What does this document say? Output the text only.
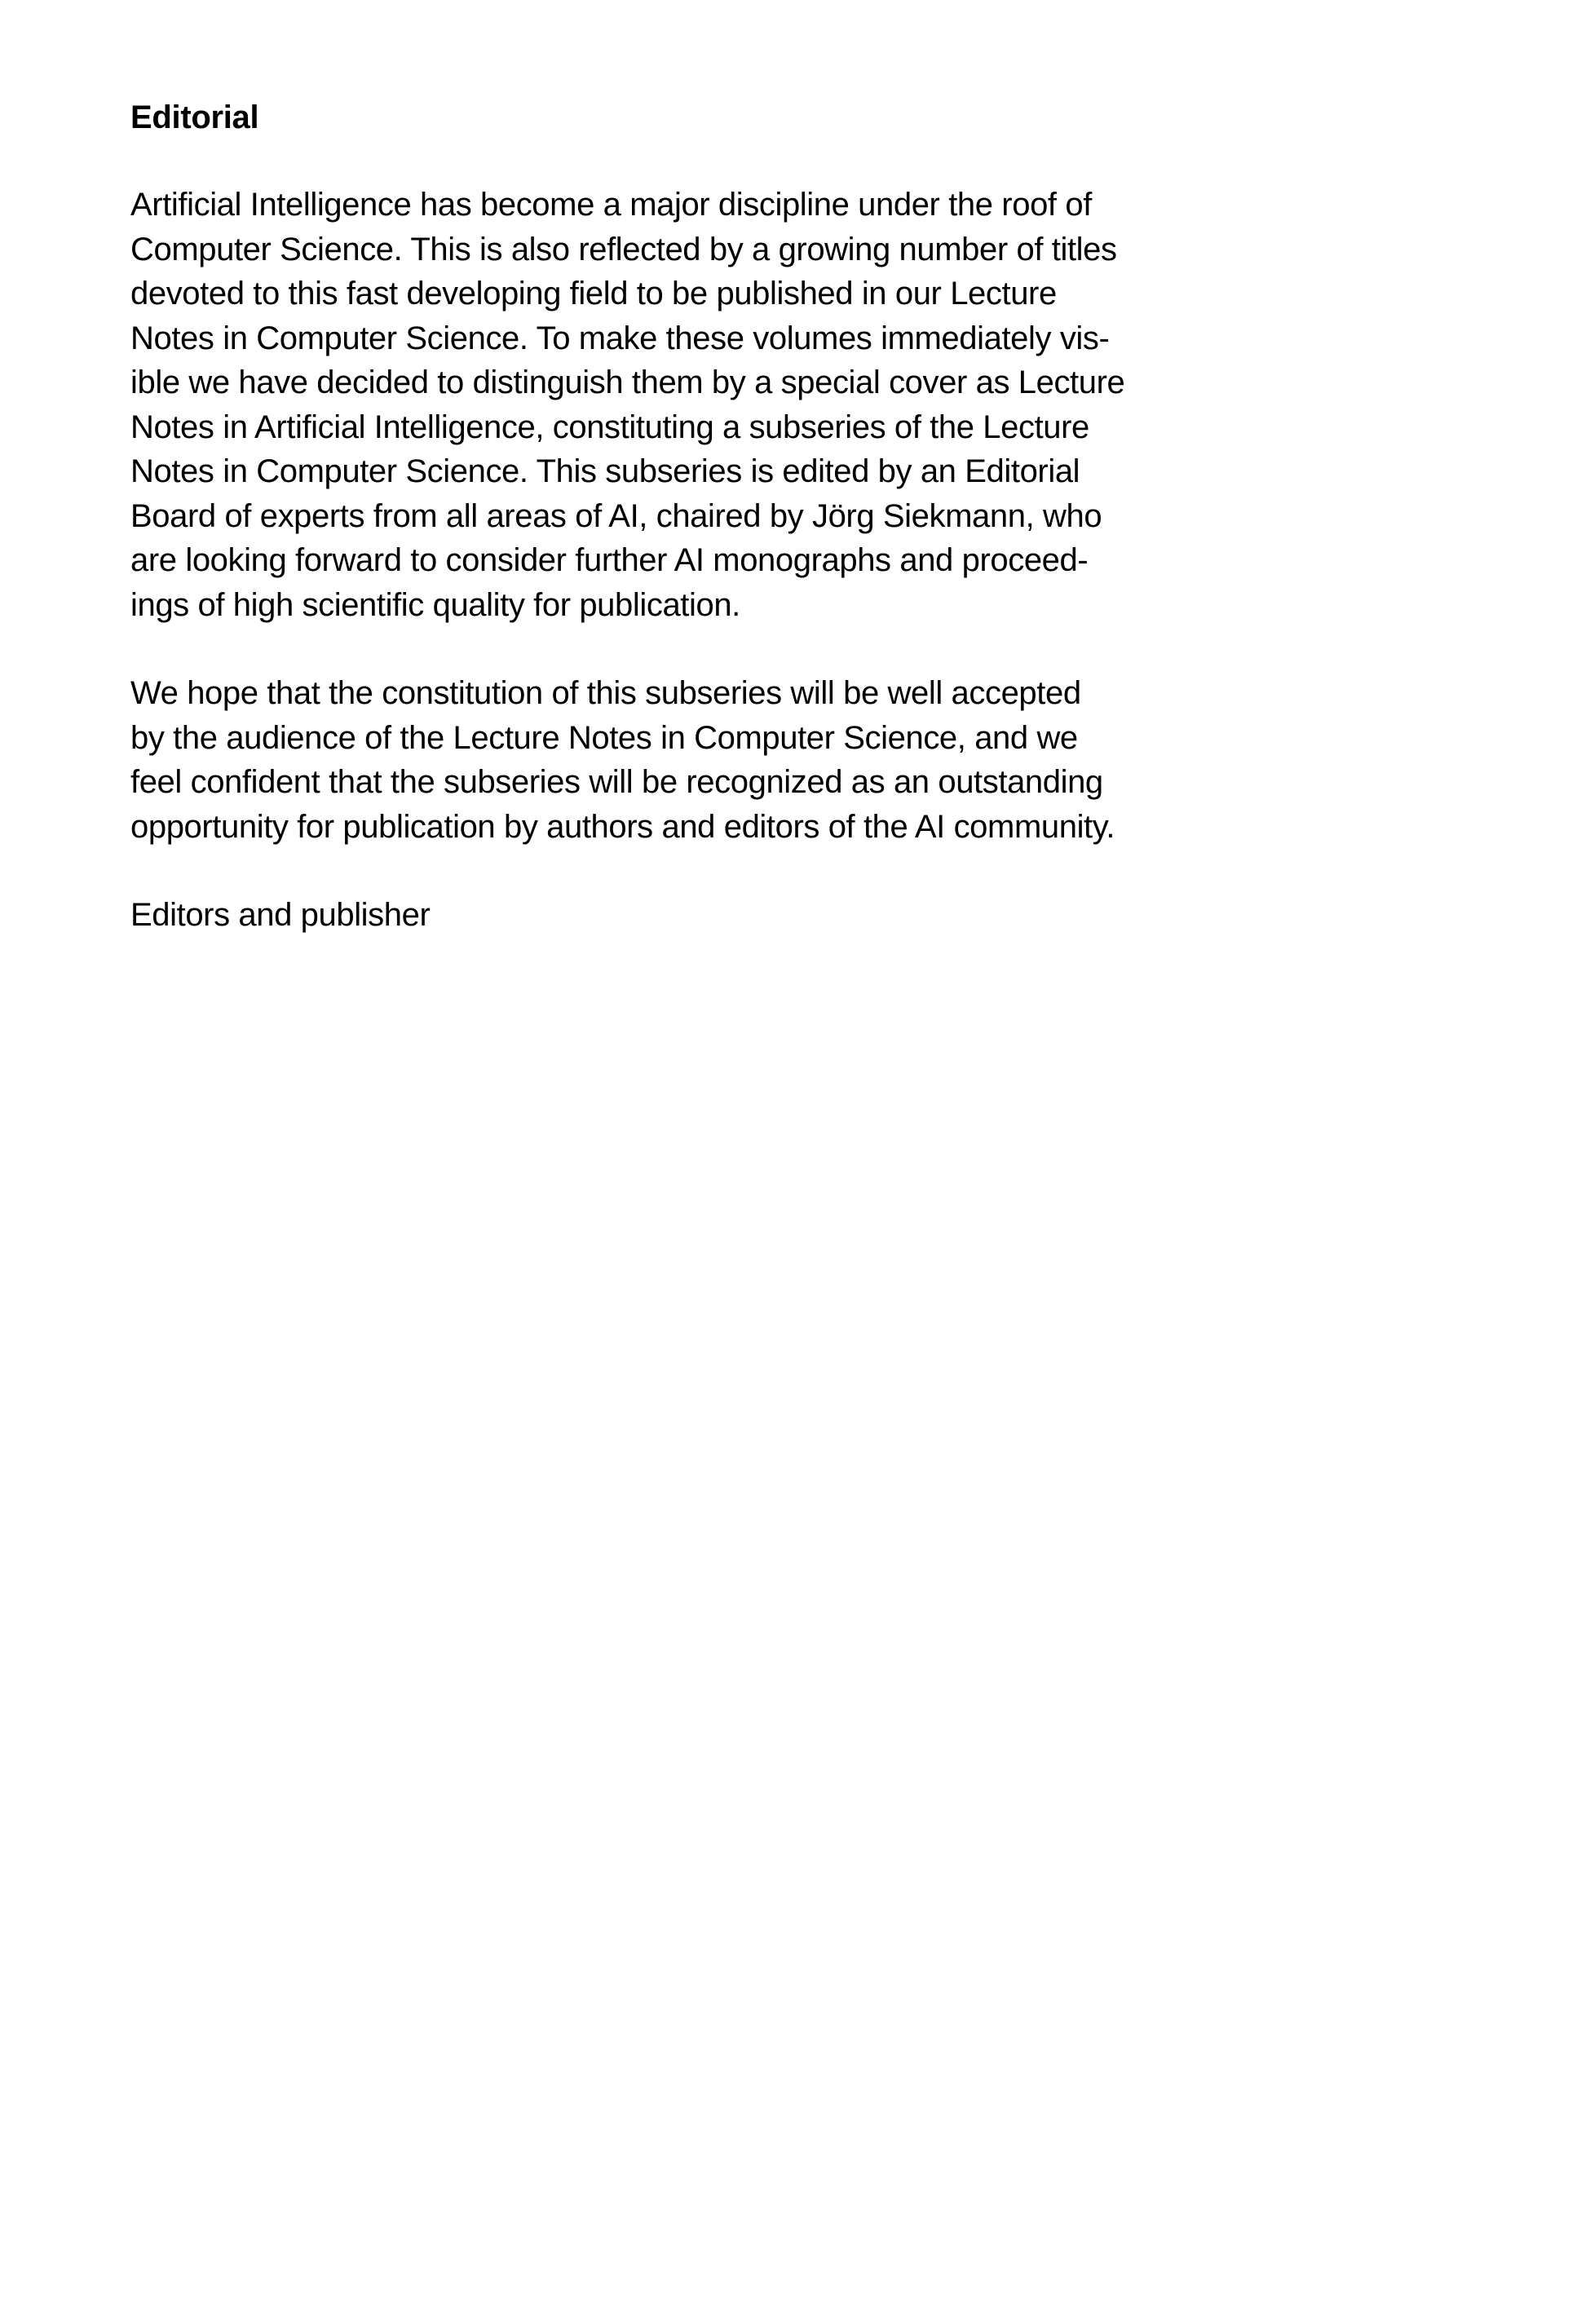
Editorial
Artificial Intelligence has become a major discipline under the roof of
Computer Science. This is also reflected by a growing number of titles
devoted to this fast developing field to be published in our Lecture
Notes in Computer Science. To make these volumes immediately vis-
ible we have decided to distinguish them by a special cover as Lecture
Notes in Artificial Intelligence, constituting a subseries of the Lecture
Notes in Computer Science. This subseries is edited by an Editorial
Board of experts from all areas of AI, chaired by Jörg Siekmann, who
are looking forward to consider further AI monographs and proceed-
ings of high scientific quality for publication.
We hope that the constitution of this subseries will be well accepted
by the audience of the Lecture Notes in Computer Science, and we
feel confident that the subseries will be recognized as an outstanding
opportunity for publication by authors and editors of the AI community.

Editors and publisher
